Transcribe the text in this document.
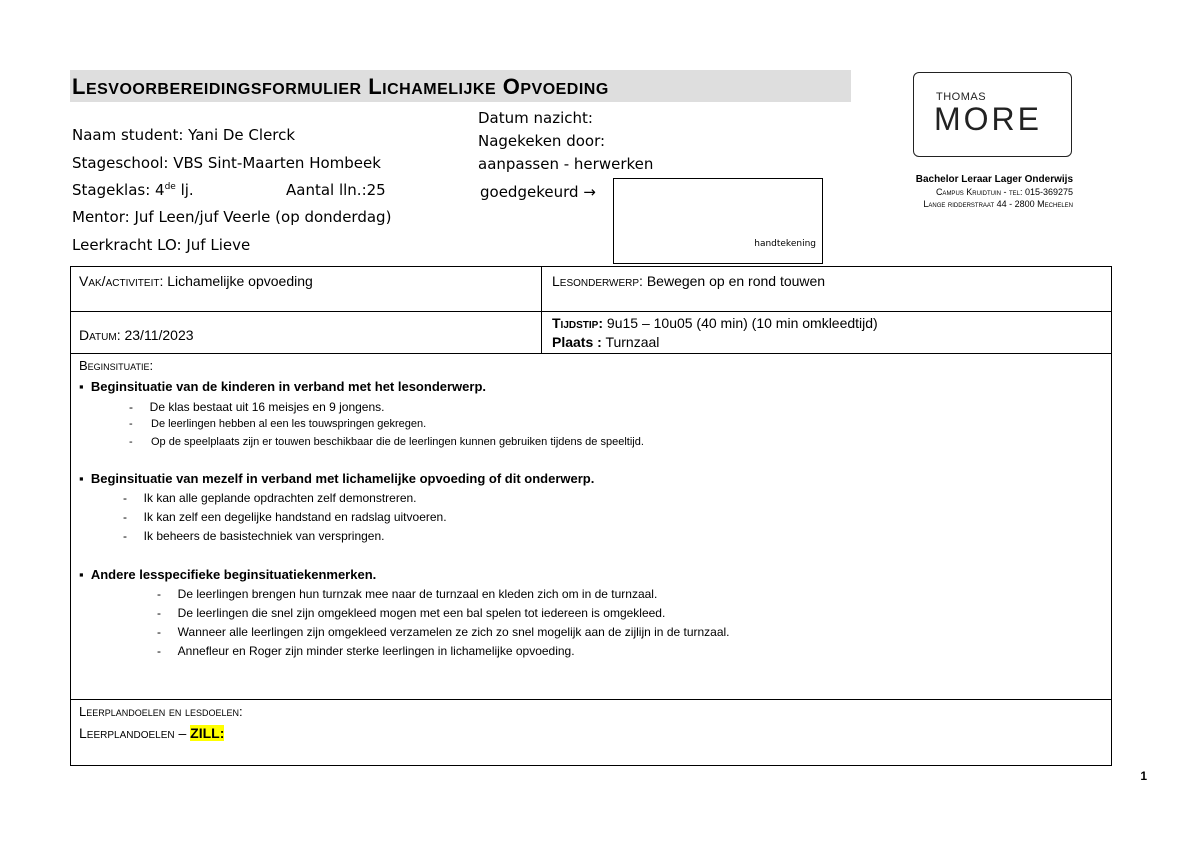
LESVOORBEREIDINGSFORMULIER LICHAMELIJKE OPVOEDING
Naam student: Yani De Clerck
Stageschool: VBS Sint-Maarten Hombeek
Stageklas: 4de lj.	Aantal lln.:25
Mentor: Juf Leen/juf Veerle (op donderdag)
Leerkracht LO: Juf Lieve
Datum nazicht:
Nagekeken door:
aanpassen - herwerken
goedgekeurd →
handtekening
THOMAS
MORE
Bachelor Leraar Lager Onderwijs
Campus Kruidtuin - tel: 015-369275
Lange ridderstraat 44 - 2800 Mechelen
Vak/activiteit: Lichamelijke opvoeding	Lesonderwerp: Bewegen op en rond touwen
Datum: 23/11/2023
Tijdstip: 9u15 – 10u05 (40 min) (10 min omkleedtijd)
Plaats : Turnzaal
Beginsituatie:
▪  Beginsituatie van de kinderen in verband met het lesonderwerp.
-     De klas bestaat uit 16 meisjes en 9 jongens.
-      De leerlingen hebben al een les touwspringen gekregen.
-      Op de speelplaats zijn er touwen beschikbaar die de leerlingen kunnen gebruiken tijdens de speeltijd.
▪  Beginsituatie van mezelf in verband met lichamelijke opvoeding of dit onderwerp.
-     Ik kan alle geplande opdrachten zelf demonstreren.
-     Ik kan zelf een degelijke handstand en radslag uitvoeren.
-     Ik beheers de basistechniek van verspringen.
▪  Andere lesspecifieke beginsituatiekenmerken.
-     De leerlingen brengen hun turnzak mee naar de turnzaal en kleden zich om in de turnzaal.
-     De leerlingen die snel zijn omgekleed mogen met een bal spelen tot iedereen is omgekleed.
-     Wanneer alle leerlingen zijn omgekleed verzamelen ze zich zo snel mogelijk aan de zijlijn in de turnzaal.
-     Annefleur en Roger zijn minder sterke leerlingen in lichamelijke opvoeding.
Leerplandoelen en lesdoelen:
Leerplandoelen – ZILL:
1
